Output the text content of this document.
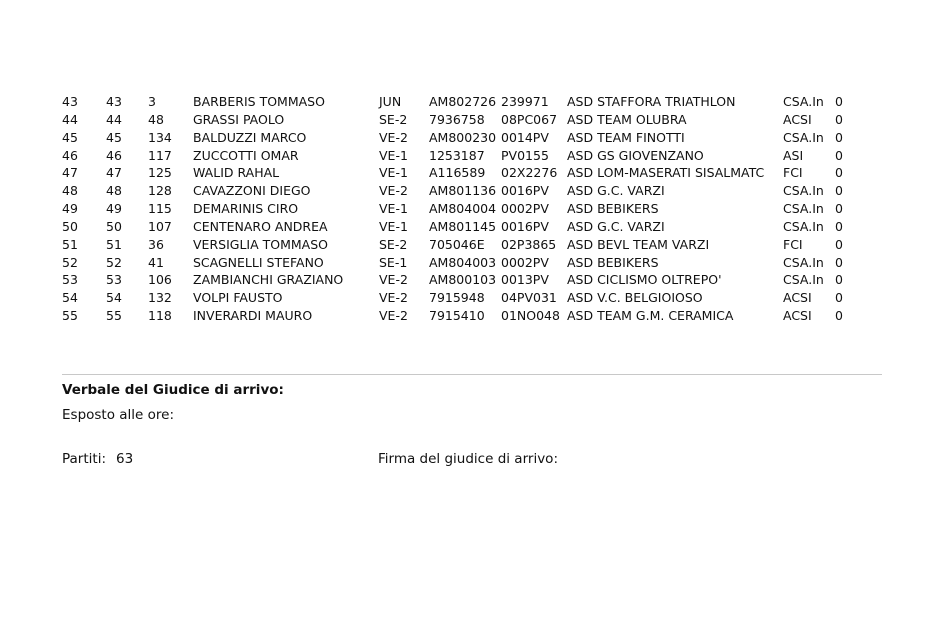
43	43	3	BARBERIS TOMMASO	JUN	AM802726	239971	ASD STAFFORA TRIATHLON	CSA.In	0
44	44	48	GRASSI PAOLO	SE-2	7936758	08PC067	ASD TEAM OLUBRA	ACSI	0
45	45	134	BALDUZZI MARCO	VE-2	AM800230	0014PV	ASD TEAM FINOTTI	CSA.In	0
46	46	117	ZUCCOTTI OMAR	VE-1	1253187	PV0155	ASD GS GIOVENZANO	ASI	0
47	47	125	WALID RAHAL	VE-1	A116589	02X2276	ASD LOM-MASERATI SISALMATC	FCI	0
48	48	128	CAVAZZONI DIEGO	VE-2	AM801136	0016PV	ASD G.C. VARZI	CSA.In	0
49	49	115	DEMARINIS CIRO	VE-1	AM804004	0002PV	ASD BEBIKERS	CSA.In	0
50	50	107	CENTENARO ANDREA	VE-1	AM801145	0016PV	ASD G.C. VARZI	CSA.In	0
51	51	36	VERSIGLIA TOMMASO	SE-2	705046E	02P3865	ASD BEVL TEAM VARZI	FCI	0
52	52	41	SCAGNELLI STEFANO	SE-1	AM804003	0002PV	ASD BEBIKERS	CSA.In	0
53	53	106	ZAMBIANCHI GRAZIANO	VE-2	AM800103	0013PV	ASD CICLISMO OLTREPO'	CSA.In	0
54	54	132	VOLPI FAUSTO	VE-2	7915948	04PV031	ASD V.C. BELGIOIOSO	ACSI	0
55	55	118	INVERARDI MAURO	VE-2	7915410	01NO048	ASD TEAM G.M. CERAMICA	ACSI	0
Verbale del Giudice di arrivo:
Esposto alle ore:
Partiti: 63	Firma del giudice di arrivo:
